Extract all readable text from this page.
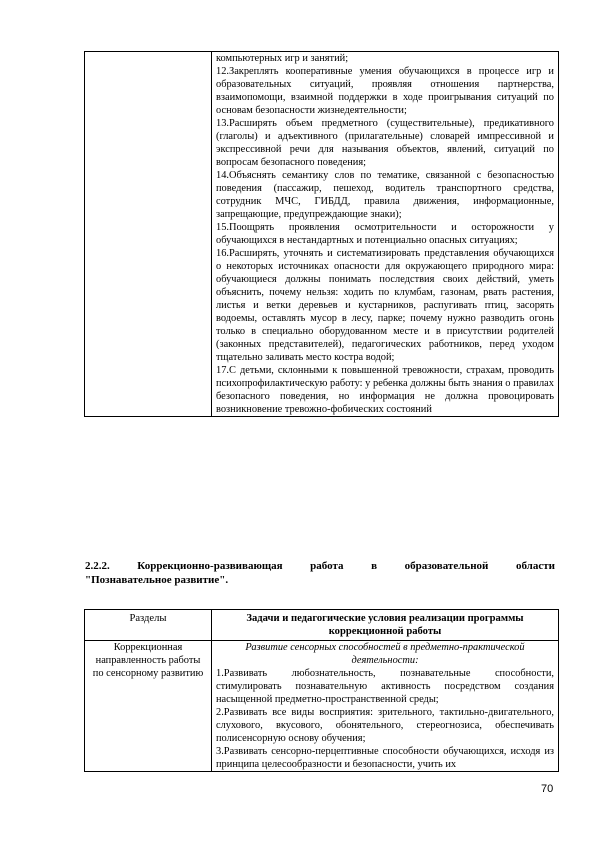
компьютерных игр и занятий;

12.Закреплять кооперативные умения обучающихся в процессе игр и образовательных ситуаций, проявляя отношения партнерства, взаимопомощи, взаимной поддержки в ходе проигрывания ситуаций по основам безопасности жизнедеятельности;

13.Расширять объем предметного (существительные), предикативного (глаголы) и адъективного (прилагательные) словарей импрессивной и экспрессивной речи для называния объектов, явлений, ситуаций по вопросам безопасного поведения;

14.Объяснять семантику слов по тематике, связанной с безопасностью поведения (пассажир, пешеход, водитель транспортного средства, сотрудник МЧС, ГИБДД, правила движения, информационные, запрещающие, предупреждающие знаки);

15.Поощрять проявления осмотрительности и осторожности у обучающихся в нестандартных и потенциально опасных ситуациях;

16.Расширять, уточнять и систематизировать представления обучающихся о некоторых источниках опасности для окружающего природного мира: обучающиеся должны понимать последствия своих действий, уметь объяснить, почему нельзя: ходить по клумбам, газонам, рвать растения, листья и ветки деревьев и кустарников, распугивать птиц, засорять водоемы, оставлять мусор в лесу, парке; почему нужно разводить огонь только в специально оборудованном месте и в присутствии родителей (законных представителей), педагогических работников, перед уходом тщательно заливать место костра водой;

17.С детьми, склонными к повышенной тревожности, страхам, проводить психопрофилактическую работу: у ребенка должны быть знания о правилах безопасного поведения, но информация не должна провоцировать возникновение тревожно-фобических состояний

2.2.2.	Коррекционно-развивающая	работа	в	образовательной	области
"Познавательное развитие".
Разделы	Задачи и педагогические условия реализации программы коррекционной работы
Коррекционная направленность работы по сенсорному развитию	Развитие сенсорных способностей в предметно-практической деятельности:

1.Развивать любознательность, познавательные способности, стимулировать познавательную активность посредством создания насыщенной предметно-пространственной среды;

2.Развивать все виды восприятия: зрительного, тактильно-двигательного, слухового, вкусового, обонятельного, стереогнозиса, обеспечивать полисенсорную основу обучения;

3.Развивать сенсорно-перцептивные способности обучающихся, исходя из принципа целесообразности и безопасности, учить их

70
